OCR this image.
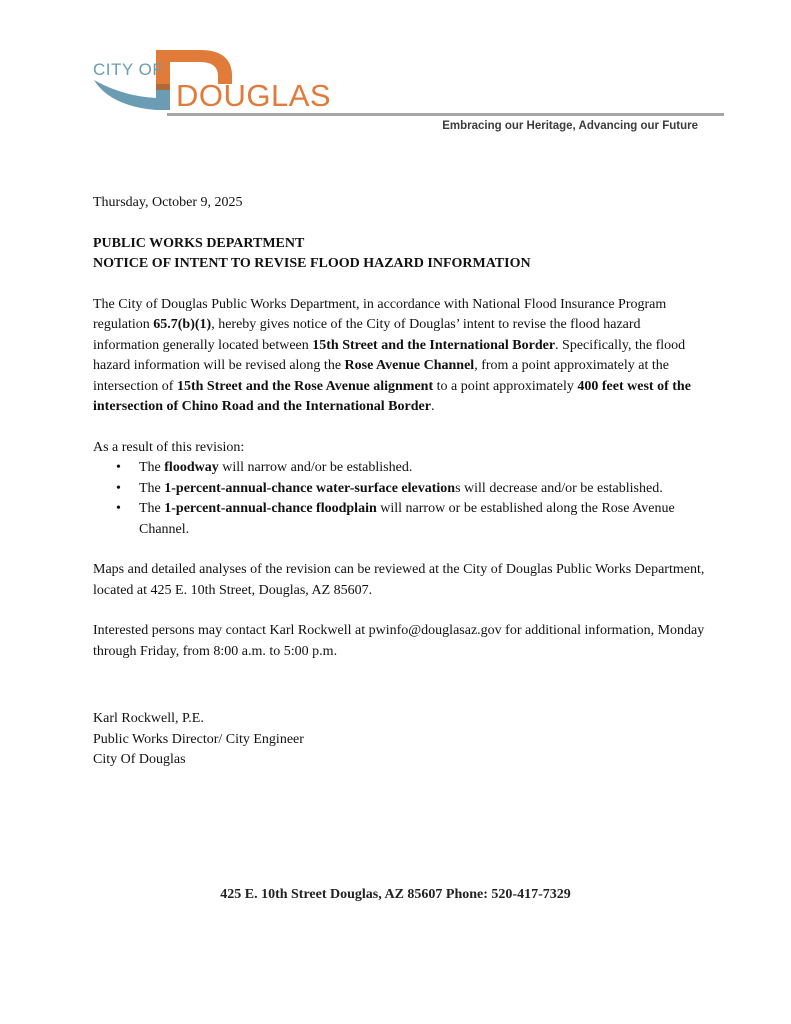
CITY OF
DOUGLAS
Embracing our Heritage, Advancing our Future

Thursday, October 9, 2025

PUBLIC WORKS DEPARTMENT
NOTICE OF INTENT TO REVISE FLOOD HAZARD INFORMATION

The City of Douglas Public Works Department, in accordance with National Flood Insurance Program regulation 65.7(b)(1), hereby gives notice of the City of Douglas’ intent to revise the flood hazard information generally located between 15th Street and the International Border. Specifically, the flood hazard information will be revised along the Rose Avenue Channel, from a point approximately at the intersection of 15th Street and the Rose Avenue alignment to a point approximately 400 feet west of the intersection of Chino Road and the International Border.

As a result of this revision:

• The floodway will narrow and/or be established.
• The 1-percent-annual-chance water-surface elevations will decrease and/or be established.
• The 1-percent-annual-chance floodplain will narrow or be established along the Rose Avenue Channel.

Maps and detailed analyses of the revision can be reviewed at the City of Douglas Public Works Department, located at 425 E. 10th Street, Douglas, AZ 85607.

Interested persons may contact Karl Rockwell at pwinfo@douglasaz.gov for additional information, Monday through Friday, from 8:00 a.m. to 5:00 p.m.

Karl Rockwell, P.E.

Public Works Director/ City Engineer

City Of Douglas

425 E. 10th Street Douglas, AZ 85607 Phone: 520-417-7329
